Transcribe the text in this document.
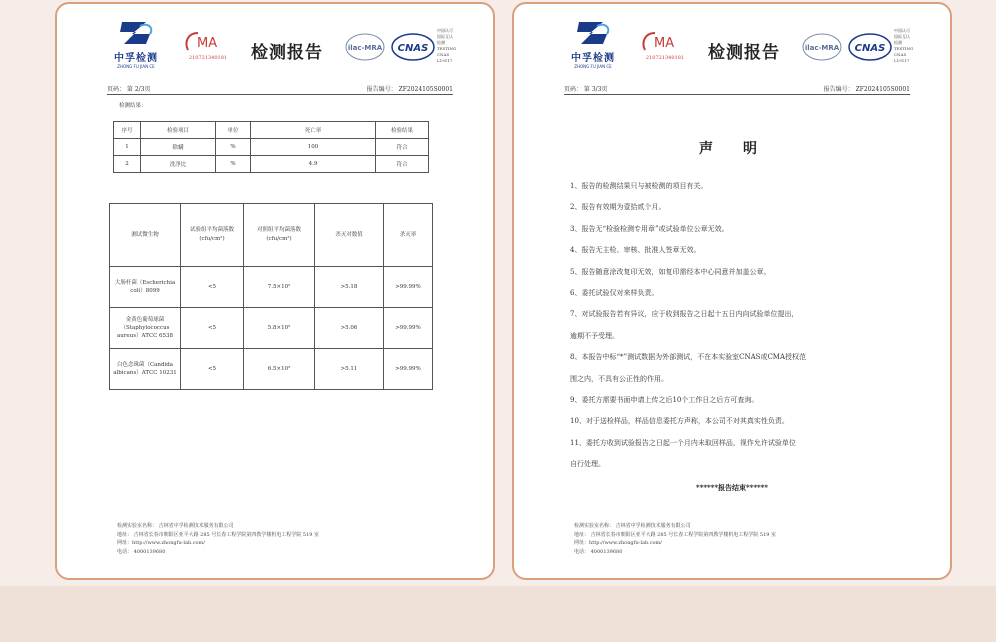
中孚检测
ZHONG FU JIAN CE
MA
210721340181	检测报告	ilac-MRA CNAS
中国认可
国际互认
检测
TESTING
CNAS L19117
页码： 第 2/3页	报告编号： ZF2024105S0001
检测结果：
序号	检验项目	单位	死亡率	检验结果
1	除螨	%	100	符合
2	洗净比	%	4.9	符合
测试微生物	试验组平均菌落数(cfu/cm²)	对照组平均菌落数(cfu/cm²)	杀灭对数值	杀灭率
大肠杆菌（Escherichia coli）8099	<5	7.5×10⁵	>5.18	>99.99%
金黄色葡萄球菌（Staphylococcus aureus）ATCC 6538	<5	5.8×10⁵	>5.06	>99.99%
白色念珠菌（Candida albicans）ATCC 10231	<5	6.5×10⁵	>5.11	>99.99%
检测实验室名称： 吉林省中孚检测技术服务有限公司
地址： 吉林省长春市朝阳区亚平大路 285 号长春工程学院第四教学楼机电工程学院 519 室
网址：http://www.zhongfu-lab.com/
电话： 4000139680
中孚检测
ZHONG FU JIAN CE
MA
210721340181	检测报告	ilac-MRA CNAS
中国认可
国际互认
检测
TESTING
CNAS L19117
页码： 第 3/3页	报告编号： ZF2024105S0001
声　明
1、报告的检测结果只与被检测的项目有关。
2、报告有效期为壹拾贰个月。
3、报告无“检验检测专用章”或试验单位公章无效。
4、报告无主检、审核、批准人签章无效。
5、报告随意涂改复印无效，如复印需经本中心同意并加盖公章。
6、委托试验仅对来样负责。
7、对试验报告若有异议，应于收到报告之日起十五日内向试验单位提出，
逾期不予受理。
8、本报告中标“*”测试数据为外部测试，不在本实验室CNAS或CMA授权范
围之内，不具有公正性的作用。
9、委托方需要书面申请上传之后10个工作日之后方可查询。
10、对于送检样品，样品信息委托方声称，本公司不对其真实性负责。
11、委托方收到试验报告之日起一个月内未取回样品，视作允许试验单位
自行处理。
******报告结束******
检测实验室名称： 吉林省中孚检测技术服务有限公司
地址： 吉林省长春市朝阳区亚平大路 285 号长春工程学院第四教学楼机电工程学院 519 室
网址：http://www.zhongfu-lab.com/
电话： 4000139680
